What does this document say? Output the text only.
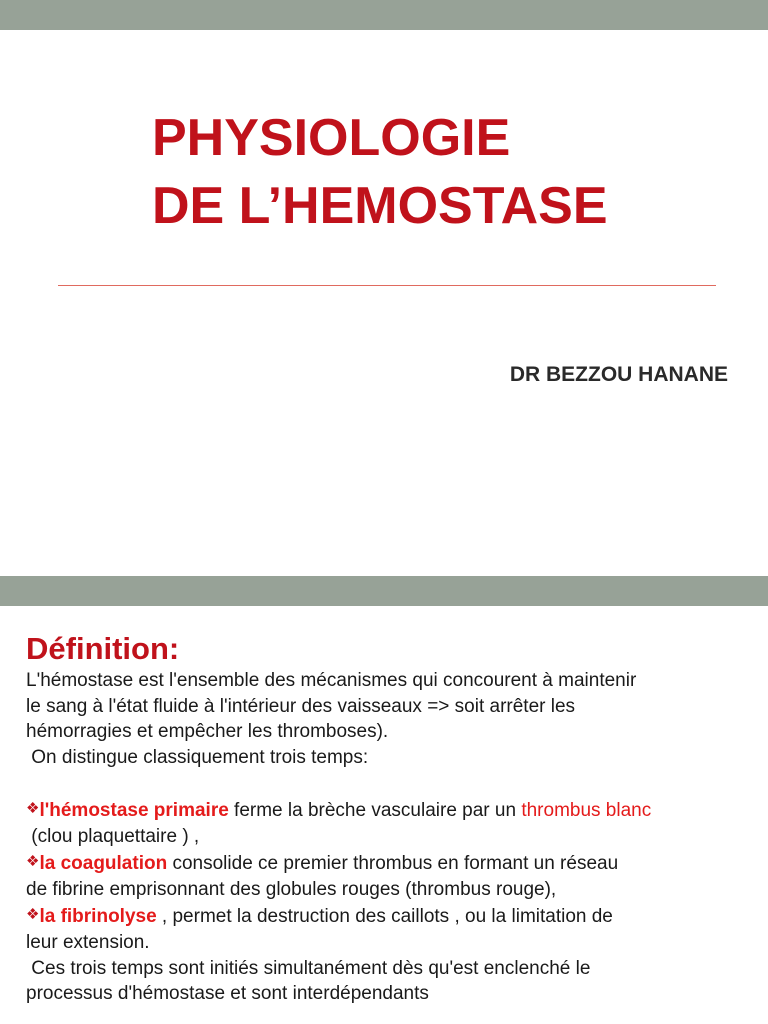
PHYSIOLOGIE
DE L’HEMOSTASE
DR BEZZOU HANANE
Définition:
L'hémostase est l'ensemble des mécanismes qui concourent à maintenir
le sang à l'état fluide à l'intérieur des vaisseaux => soit arrêter les
hémorragies et empêcher les thromboses).
On distingue classiquement trois temps:
❖l'hémostase primaire ferme la brèche vasculaire par un thrombus blanc
(clou plaquettaire ) ,
❖la coagulation consolide ce premier thrombus en formant un réseau
de fibrine emprisonnant des globules rouges (thrombus rouge),
❖la fibrinolyse , permet la destruction des caillots , ou la limitation de
leur extension.
Ces trois temps sont initiés simultanément dès qu'est enclenché le
processus d'hémostase et sont interdépendants
